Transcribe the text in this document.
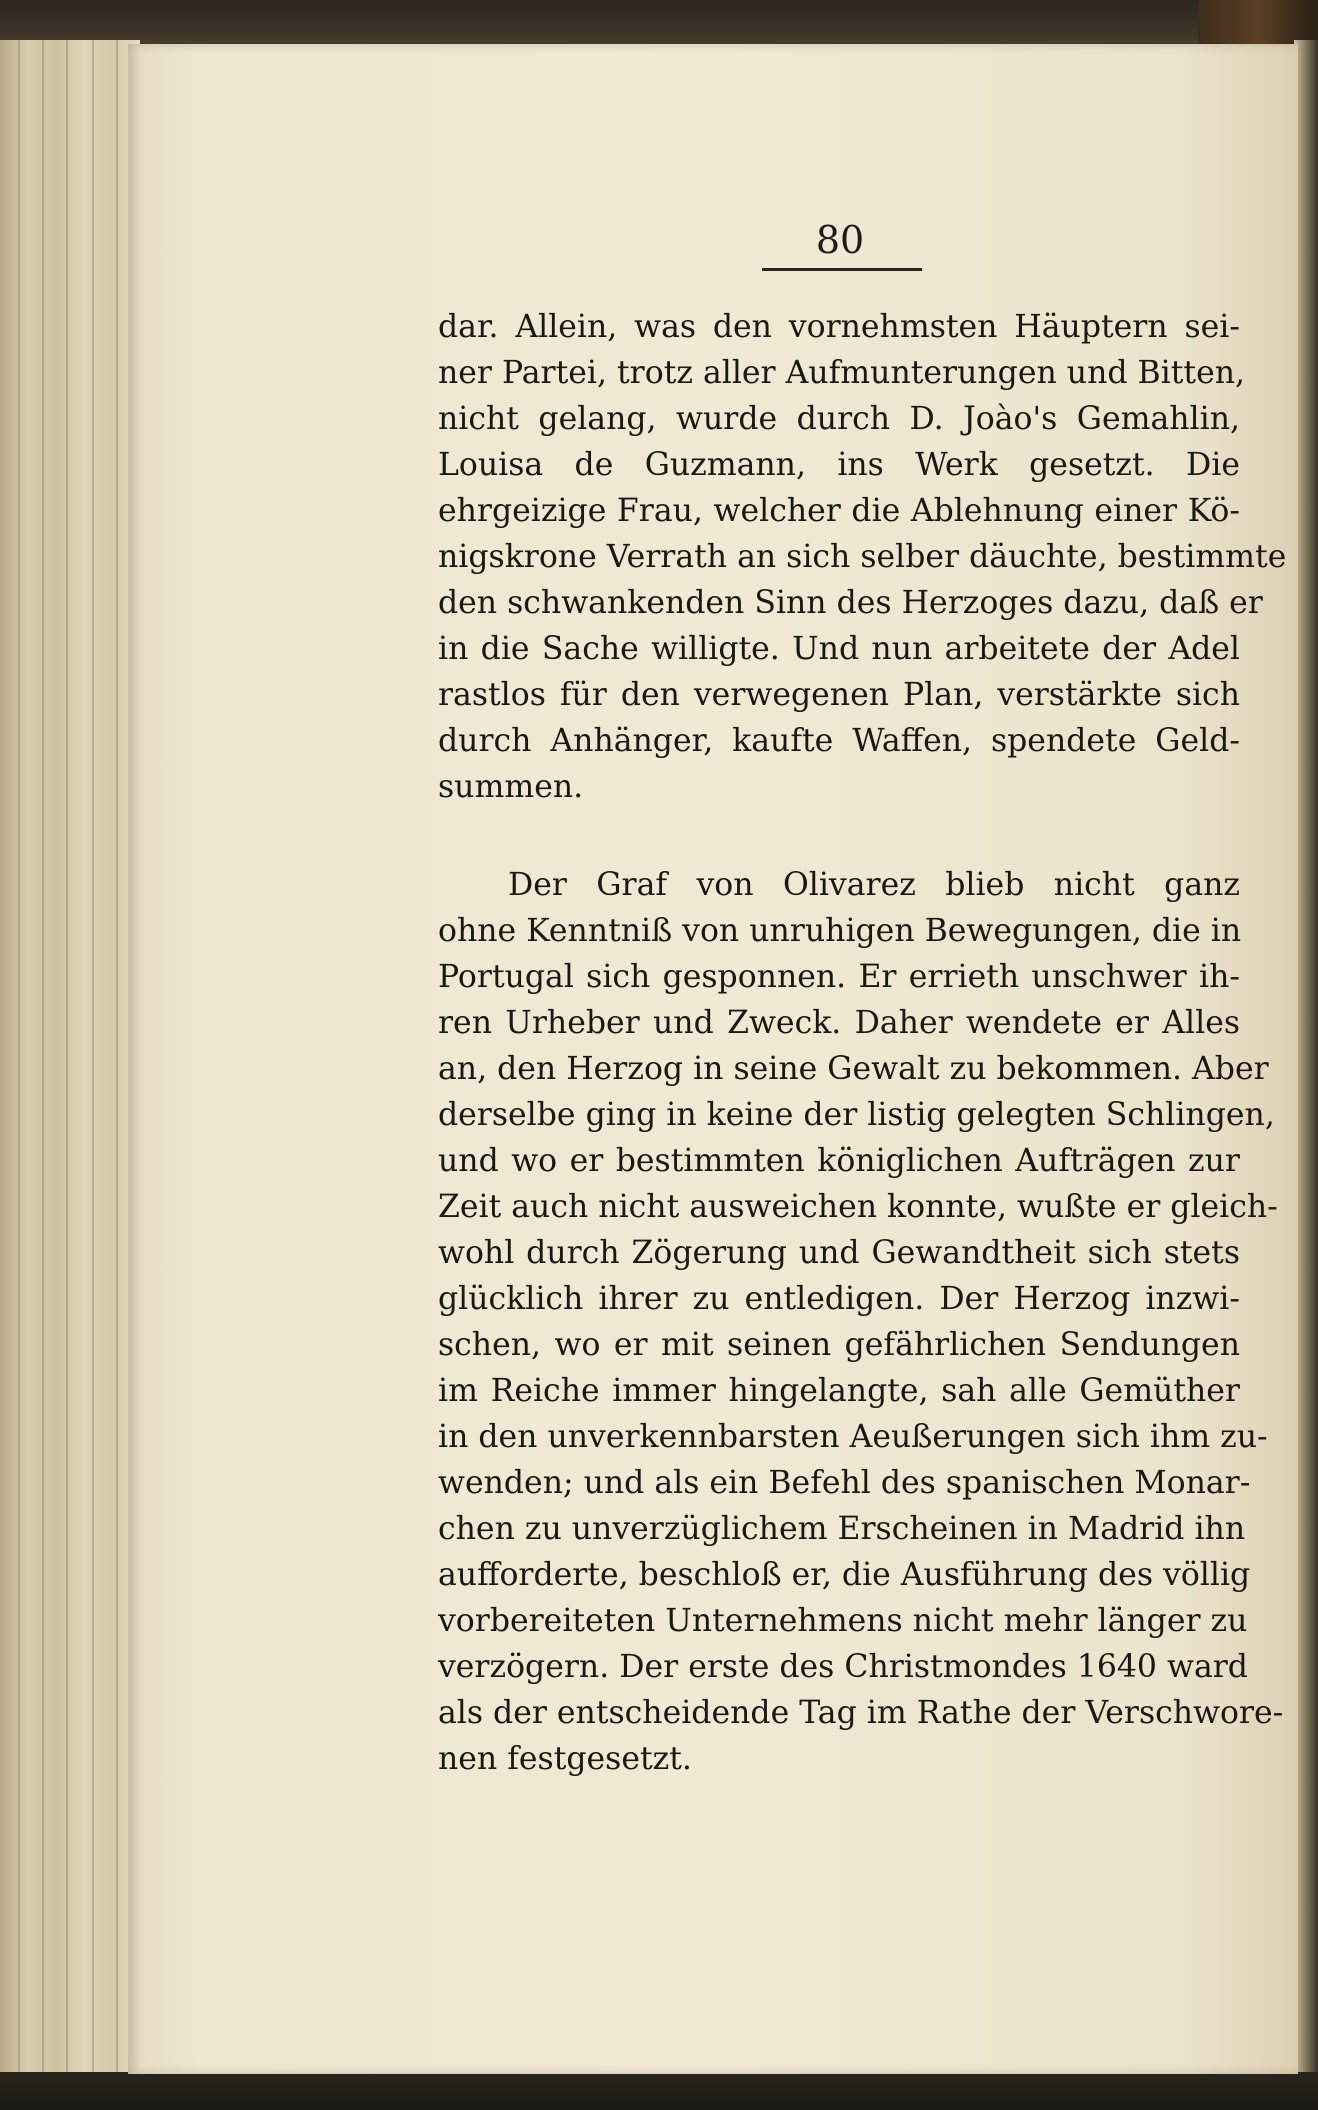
80
dar. Allein, was den vornehmsten Häuptern sei-
ner Partei, trotz aller Aufmunterungen und Bitten,
nicht gelang, wurde durch D. Joào's Gemahlin,
Louisa de Guzmann, ins Werk gesetzt. Die
ehrgeizige Frau, welcher die Ablehnung einer Kö-
nigskrone Verrath an sich selber däuchte, bestimmte
den schwankenden Sinn des Herzoges dazu, daß er
in die Sache willigte. Und nun arbeitete der Adel
rastlos für den verwegenen Plan, verstärkte sich
durch Anhänger, kaufte Waffen, spendete Geld-
summen.
Der Graf von Olivarez blieb nicht ganz
ohne Kenntniß von unruhigen Bewegungen, die in
Portugal sich gesponnen. Er errieth unschwer ih-
ren Urheber und Zweck. Daher wendete er Alles
an, den Herzog in seine Gewalt zu bekommen. Aber
derselbe ging in keine der listig gelegten Schlingen,
und wo er bestimmten königlichen Aufträgen zur
Zeit auch nicht ausweichen konnte, wußte er gleich-
wohl durch Zögerung und Gewandtheit sich stets
glücklich ihrer zu entledigen. Der Herzog inzwi-
schen, wo er mit seinen gefährlichen Sendungen
im Reiche immer hingelangte, sah alle Gemüther
in den unverkennbarsten Aeußerungen sich ihm zu-
wenden; und als ein Befehl des spanischen Monar-
chen zu unverzüglichem Erscheinen in Madrid ihn
aufforderte, beschloß er, die Ausführung des völlig
vorbereiteten Unternehmens nicht mehr länger zu
verzögern. Der erste des Christmondes 1640 ward
als der entscheidende Tag im Rathe der Verschwore-
nen festgesetzt.
